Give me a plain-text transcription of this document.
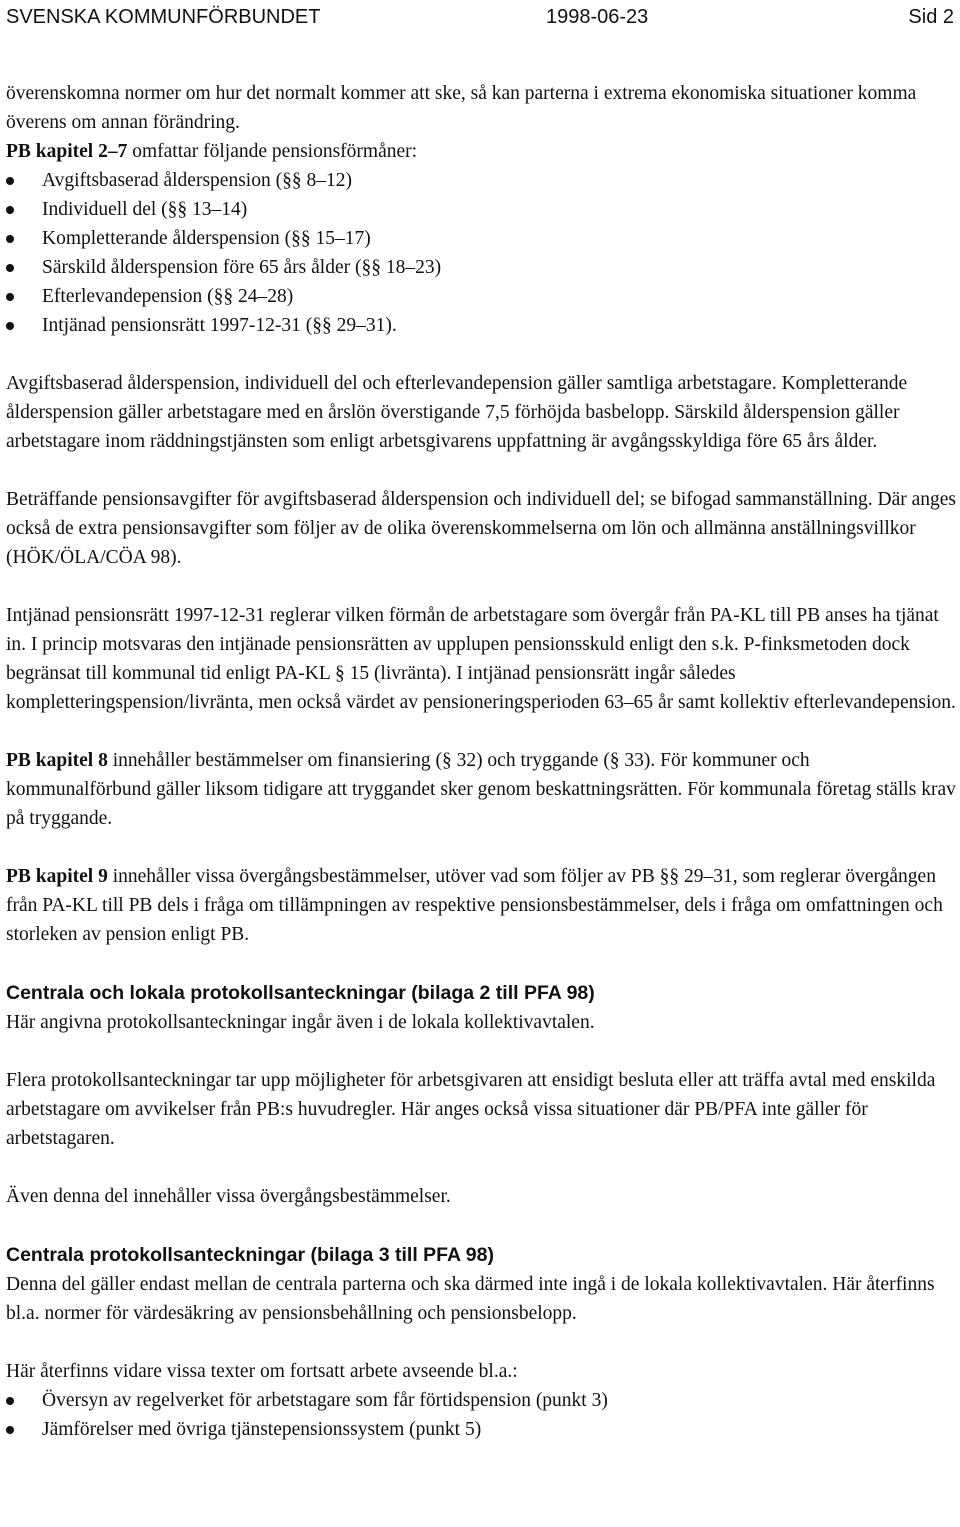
SVENSKA KOMMUNFÖRBUNDET	1998-06-23	Sid 2

överenskomna normer om hur det normalt kommer att ske, så kan parterna i extrema ekonomiska situationer komma överens om annan förändring.

PB kapitel 2–7 omfattar följande pensionsförmåner:

Avgiftsbaserad ålderspension (§§ 8–12)
Individuell del (§§ 13–14)
Kompletterande ålderspension (§§ 15–17)
Särskild ålderspension före 65 års ålder (§§ 18–23)
Efterlevandepension (§§ 24–28)
Intjänad pensionsrätt 1997-12-31 (§§ 29–31).

Avgiftsbaserad ålderspension, individuell del och efterlevandepension gäller samtliga arbetstagare. Kompletterande ålderspension gäller arbetstagare med en årslön överstigande 7,5 förhöjda basbelopp. Särskild ålderspension gäller arbetstagare inom räddningstjänsten som enligt arbetsgivarens uppfattning är avgångsskyldiga före 65 års ålder.

Beträffande pensionsavgifter för avgiftsbaserad ålderspension och individuell del; se bifogad sammanställning. Där anges också de extra pensionsavgifter som följer av de olika överenskommelserna om lön och allmänna anställningsvillkor (HÖK/ÖLA/CÖA 98).

Intjänad pensionsrätt 1997-12-31 reglerar vilken förmån de arbetstagare som övergår från PA-KL till PB anses ha tjänat in. I princip motsvaras den intjänade pensionsrätten av upplupen pensionsskuld enligt den s.k. P-finksmetoden dock begränsat till kommunal tid enligt PA-KL § 15 (livränta). I intjänad pensionsrätt ingår således kompletteringspension/livränta, men också värdet av pensioneringsperioden 63–65 år samt kollektiv efterlevandepension.

PB kapitel 8 innehåller bestämmelser om finansiering (§ 32) och tryggande (§ 33). För kommuner och kommunalförbund gäller liksom tidigare att tryggandet sker genom beskattningsrätten. För kommunala företag ställs krav på tryggande.

PB kapitel 9 innehåller vissa övergångsbestämmelser, utöver vad som följer av PB §§ 29–31, som reglerar övergången från PA-KL till PB dels i fråga om tillämpningen av respektive pensionsbestämmelser, dels i fråga om omfattningen och storleken av pension enligt PB.

Centrala och lokala protokollsanteckningar (bilaga 2 till PFA 98)

Här angivna protokollsanteckningar ingår även i de lokala kollektivavtalen.

Flera protokollsanteckningar tar upp möjligheter för arbetsgivaren att ensidigt besluta eller att träffa avtal med enskilda arbetstagare om avvikelser från PB:s huvudregler. Här anges också vissa situationer där PB/PFA inte gäller för arbetstagaren.

Även denna del innehåller vissa övergångsbestämmelser.

Centrala protokollsanteckningar (bilaga 3 till PFA 98)

Denna del gäller endast mellan de centrala parterna och ska därmed inte ingå i de lokala kollektivavtalen. Här återfinns bl.a. normer för värdesäkring av pensionsbehållning och pensionsbelopp.

Här återfinns vidare vissa texter om fortsatt arbete avseende bl.a.:

Översyn av regelverket för arbetstagare som får förtidspension (punkt 3)
Jämförelser med övriga tjänstepensionssystem (punkt 5)
